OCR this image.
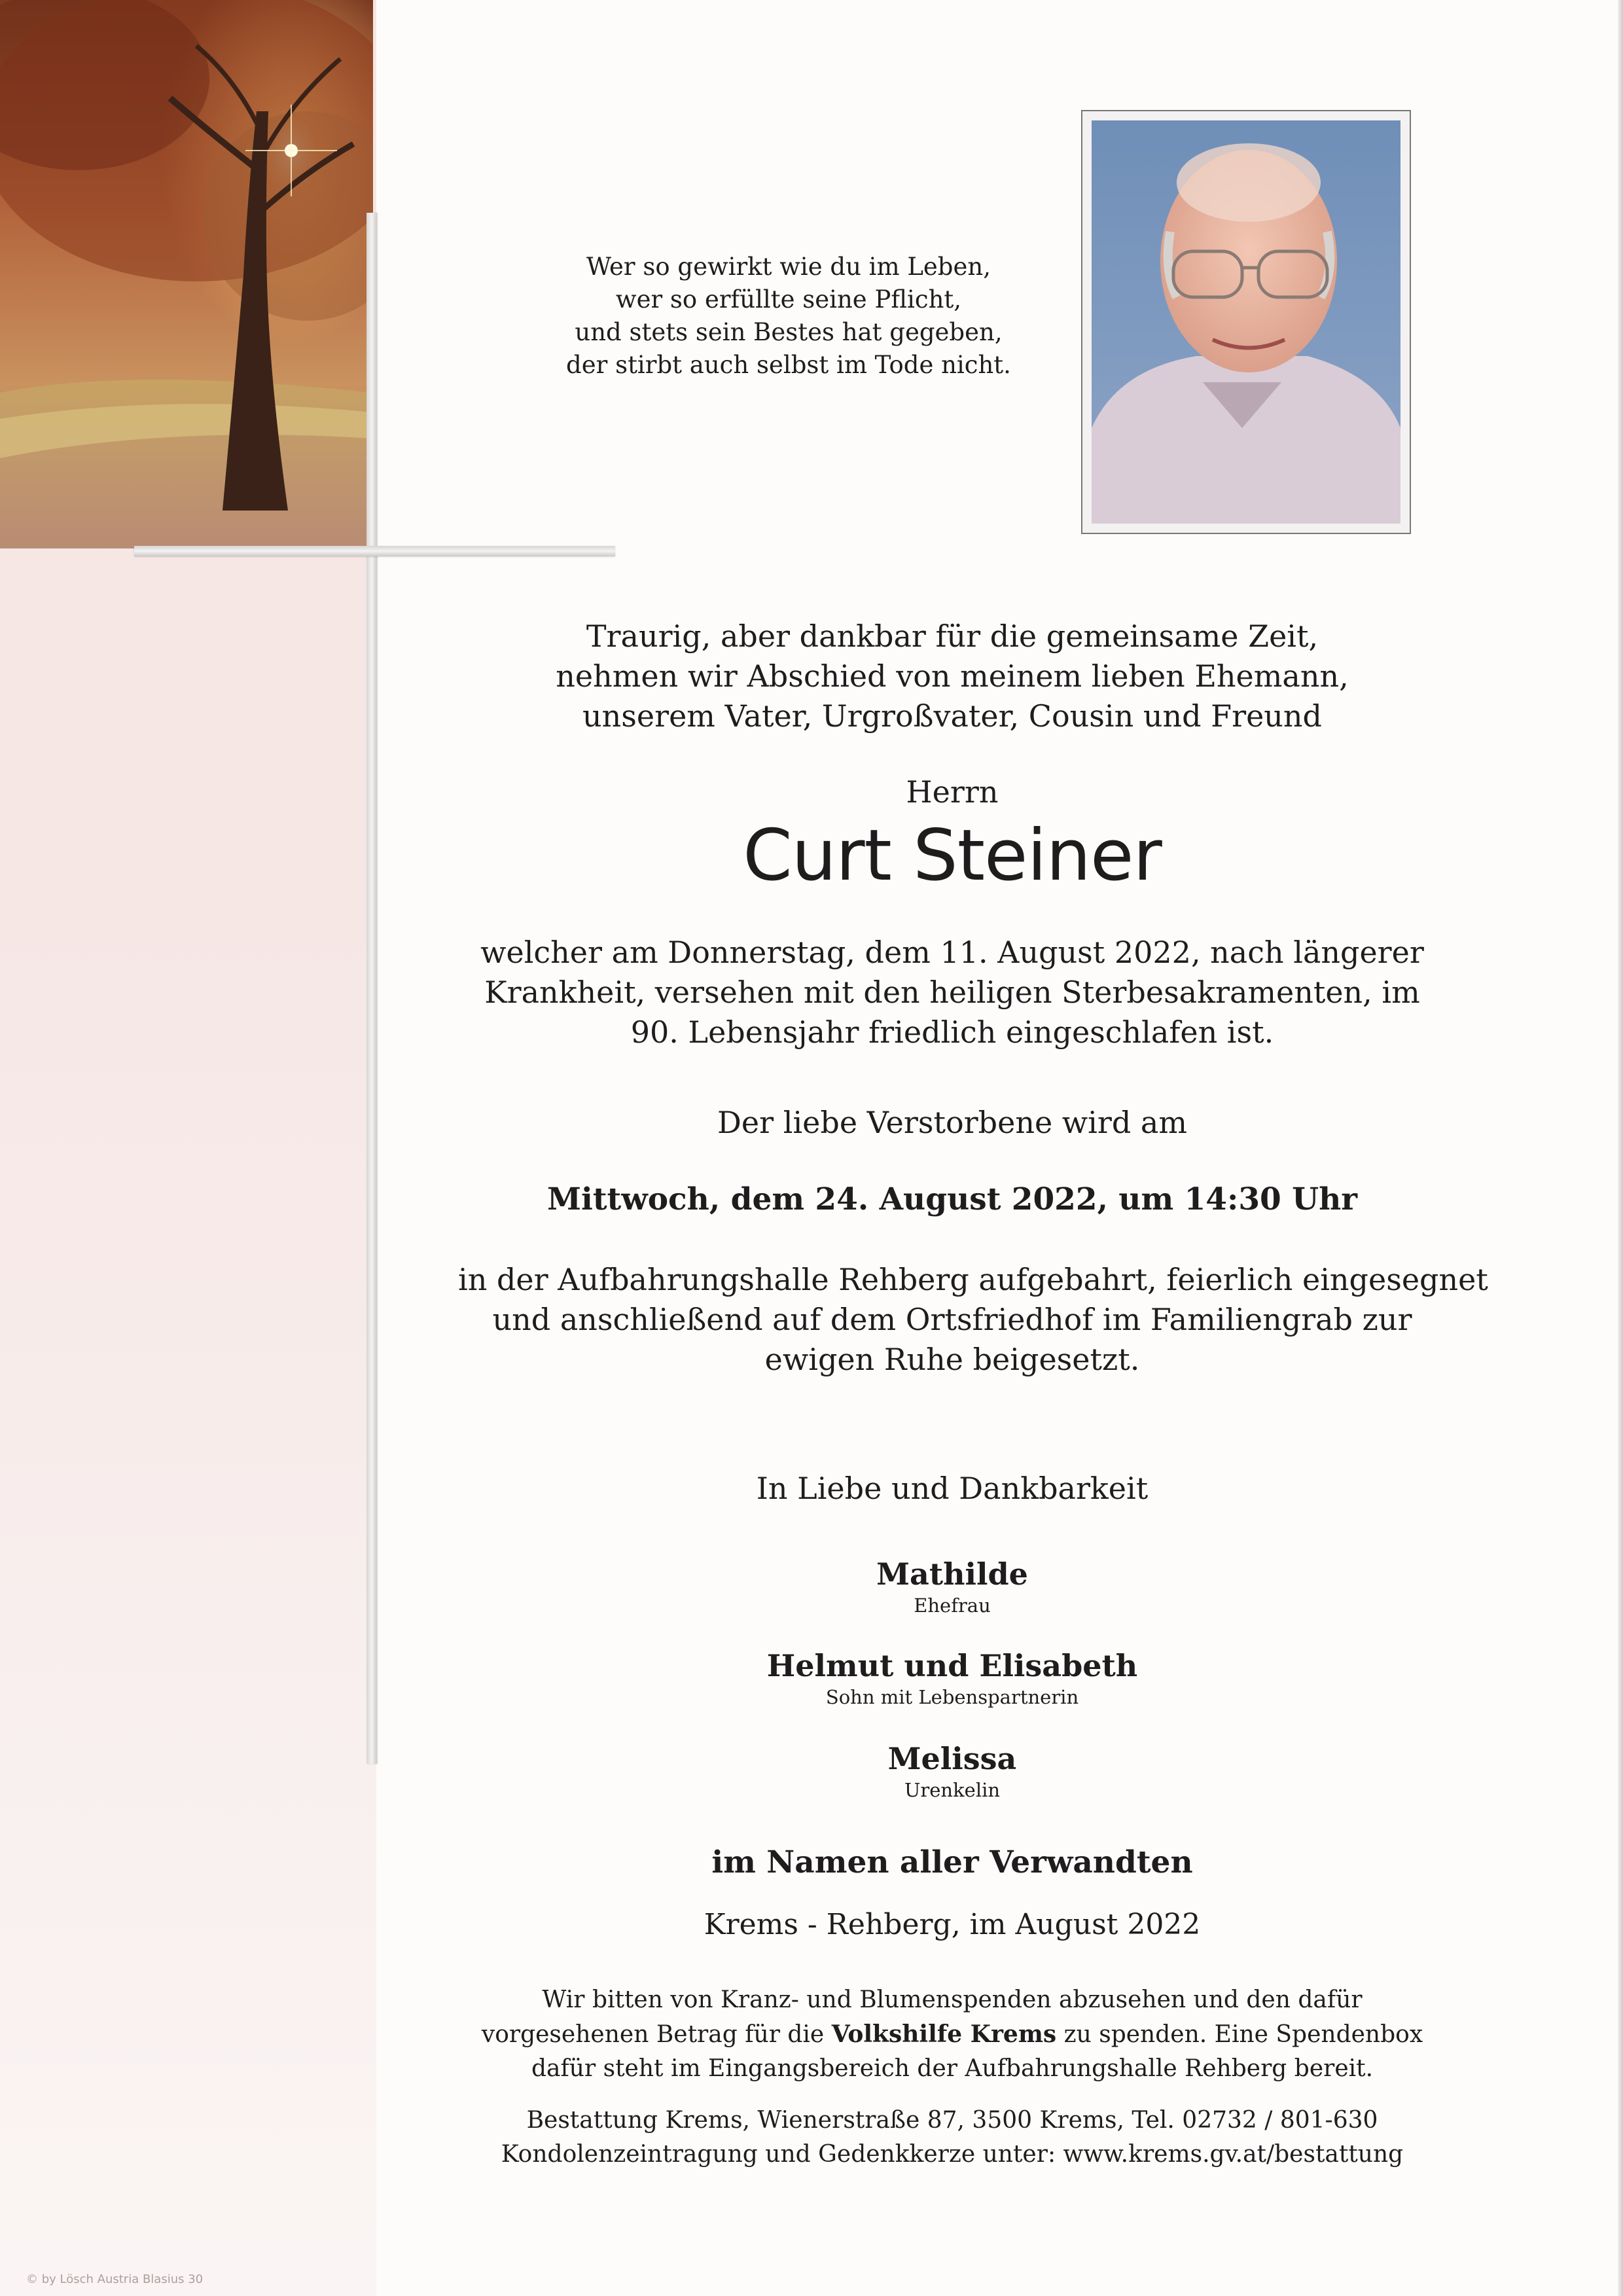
Wer so gewirkt wie du im Leben,
wer so erfüllte seine Pflicht,
und stets sein Bestes hat gegeben,
der stirbt auch selbst im Tode nicht.
Traurig, aber dankbar für die gemeinsame Zeit,
nehmen wir Abschied von meinem lieben Ehemann,
unserem Vater, Urgroßvater, Cousin und Freund
Herrn
Curt Steiner
welcher am Donnerstag, dem 11. August 2022, nach längerer
Krankheit, versehen mit den heiligen Sterbesakramenten, im
90. Lebensjahr friedlich eingeschlafen ist.
Der liebe Verstorbene wird am
Mittwoch, dem 24. August 2022, um 14:30 Uhr
in der Aufbahrungshalle Rehberg aufgebahrt, feierlich eingesegnet
und anschließend auf dem Ortsfriedhof im Familiengrab zur
ewigen Ruhe beigesetzt.
In Liebe und Dankbarkeit
Mathilde
Ehefrau
Helmut und Elisabeth
Sohn mit Lebenspartnerin
Melissa
Urenkelin
im Namen aller Verwandten
Krems - Rehberg, im August 2022
Wir bitten von Kranz- und Blumenspenden abzusehen und den dafür
vorgesehenen Betrag für die Volkshilfe Krems zu spenden. Eine Spendenbox
dafür steht im Eingangsbereich der Aufbahrungshalle Rehberg bereit.
Bestattung Krems, Wienerstraße 87, 3500 Krems, Tel. 02732 / 801-630
Kondolenzeintragung und Gedenkkerze unter: www.krems.gv.at/bestattung
© by Lösch Austria Blasius 30
